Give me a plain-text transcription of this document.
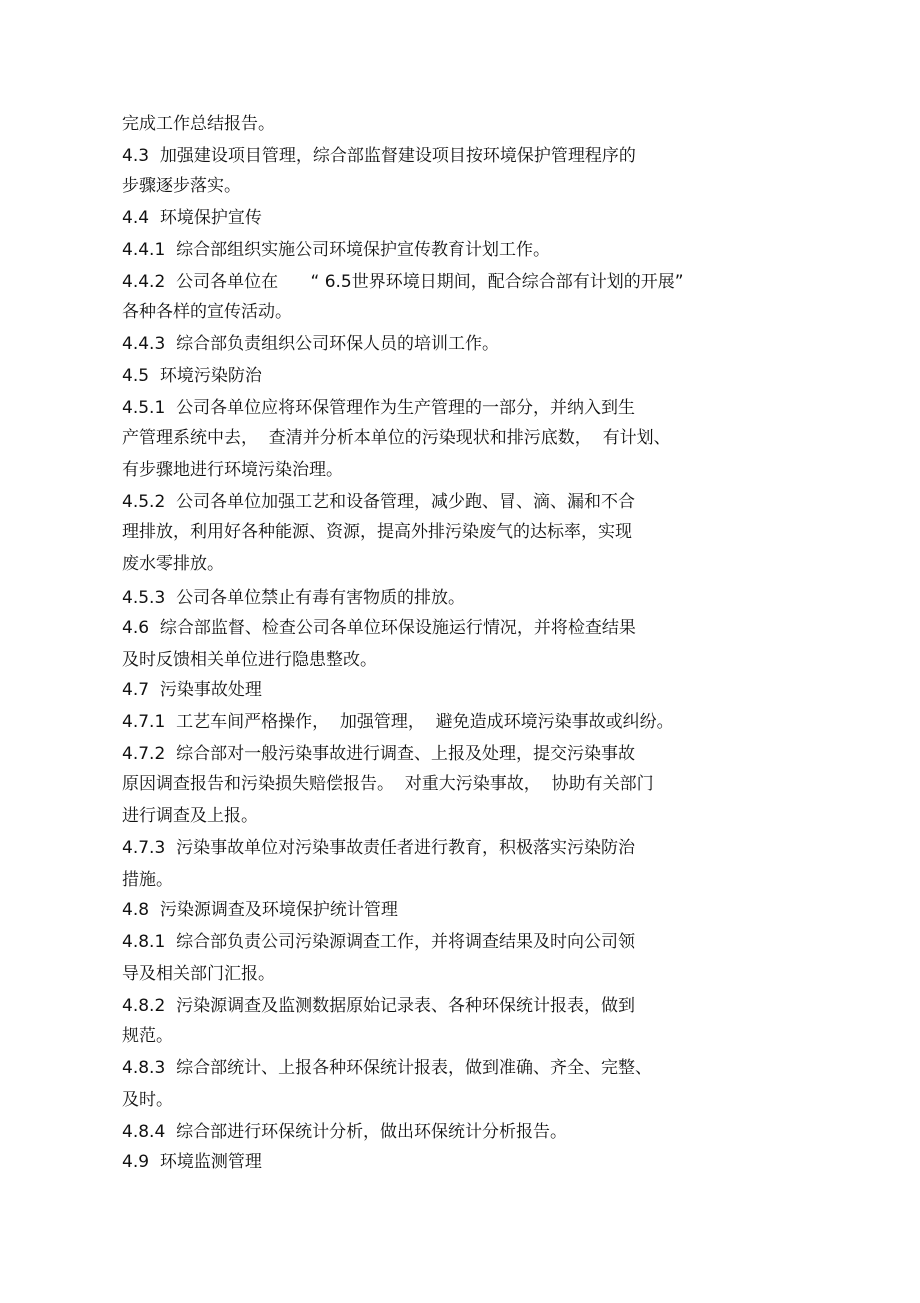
完成工作总结报告。
4.3  加强建设项目管理，综合部监督建设项目按环境保护管理程序的
步骤逐步落实。
4.4  环境保护宣传
4.4.1  综合部组织实施公司环境保护宣传教育计划工作。
4.4.2  公司各单位在      “ 6.5世界环境日期间，配合综合部有计划的开展”
各种各样的宣传活动。
4.4.3  综合部负责组织公司环保人员的培训工作。
4.5  环境污染防治
4.5.1  公司各单位应将环保管理作为生产管理的一部分，并纳入到生
产管理系统中去，  查清并分析本单位的污染现状和排污底数，  有计划、
有步骤地进行环境污染治理。
4.5.2  公司各单位加强工艺和设备管理，减少跑、冒、滴、漏和不合
理排放，利用好各种能源、资源，提高外排污染废气的达标率，实现
废水零排放。
4.5.3  公司各单位禁止有毒有害物质的排放。
4.6  综合部监督、检查公司各单位环保设施运行情况，并将检查结果
及时反馈相关单位进行隐患整改。
4.7  污染事故处理
4.7.1  工艺车间严格操作，  加强管理，  避免造成环境污染事故或纠纷。
4.7.2  综合部对一般污染事故进行调查、上报及处理，提交污染事故
原因调查报告和污染损失赔偿报告。  对重大污染事故，  协助有关部门
进行调查及上报。
4.7.3  污染事故单位对污染事故责任者进行教育，积极落实污染防治
措施。
4.8  污染源调查及环境保护统计管理
4.8.1  综合部负责公司污染源调查工作，并将调查结果及时向公司领
导及相关部门汇报。
4.8.2  污染源调查及监测数据原始记录表、各种环保统计报表，做到
规范。
4.8.3  综合部统计、上报各种环保统计报表，做到准确、齐全、完整、
及时。
4.8.4  综合部进行环保统计分析，做出环保统计分析报告。
4.9  环境监测管理
